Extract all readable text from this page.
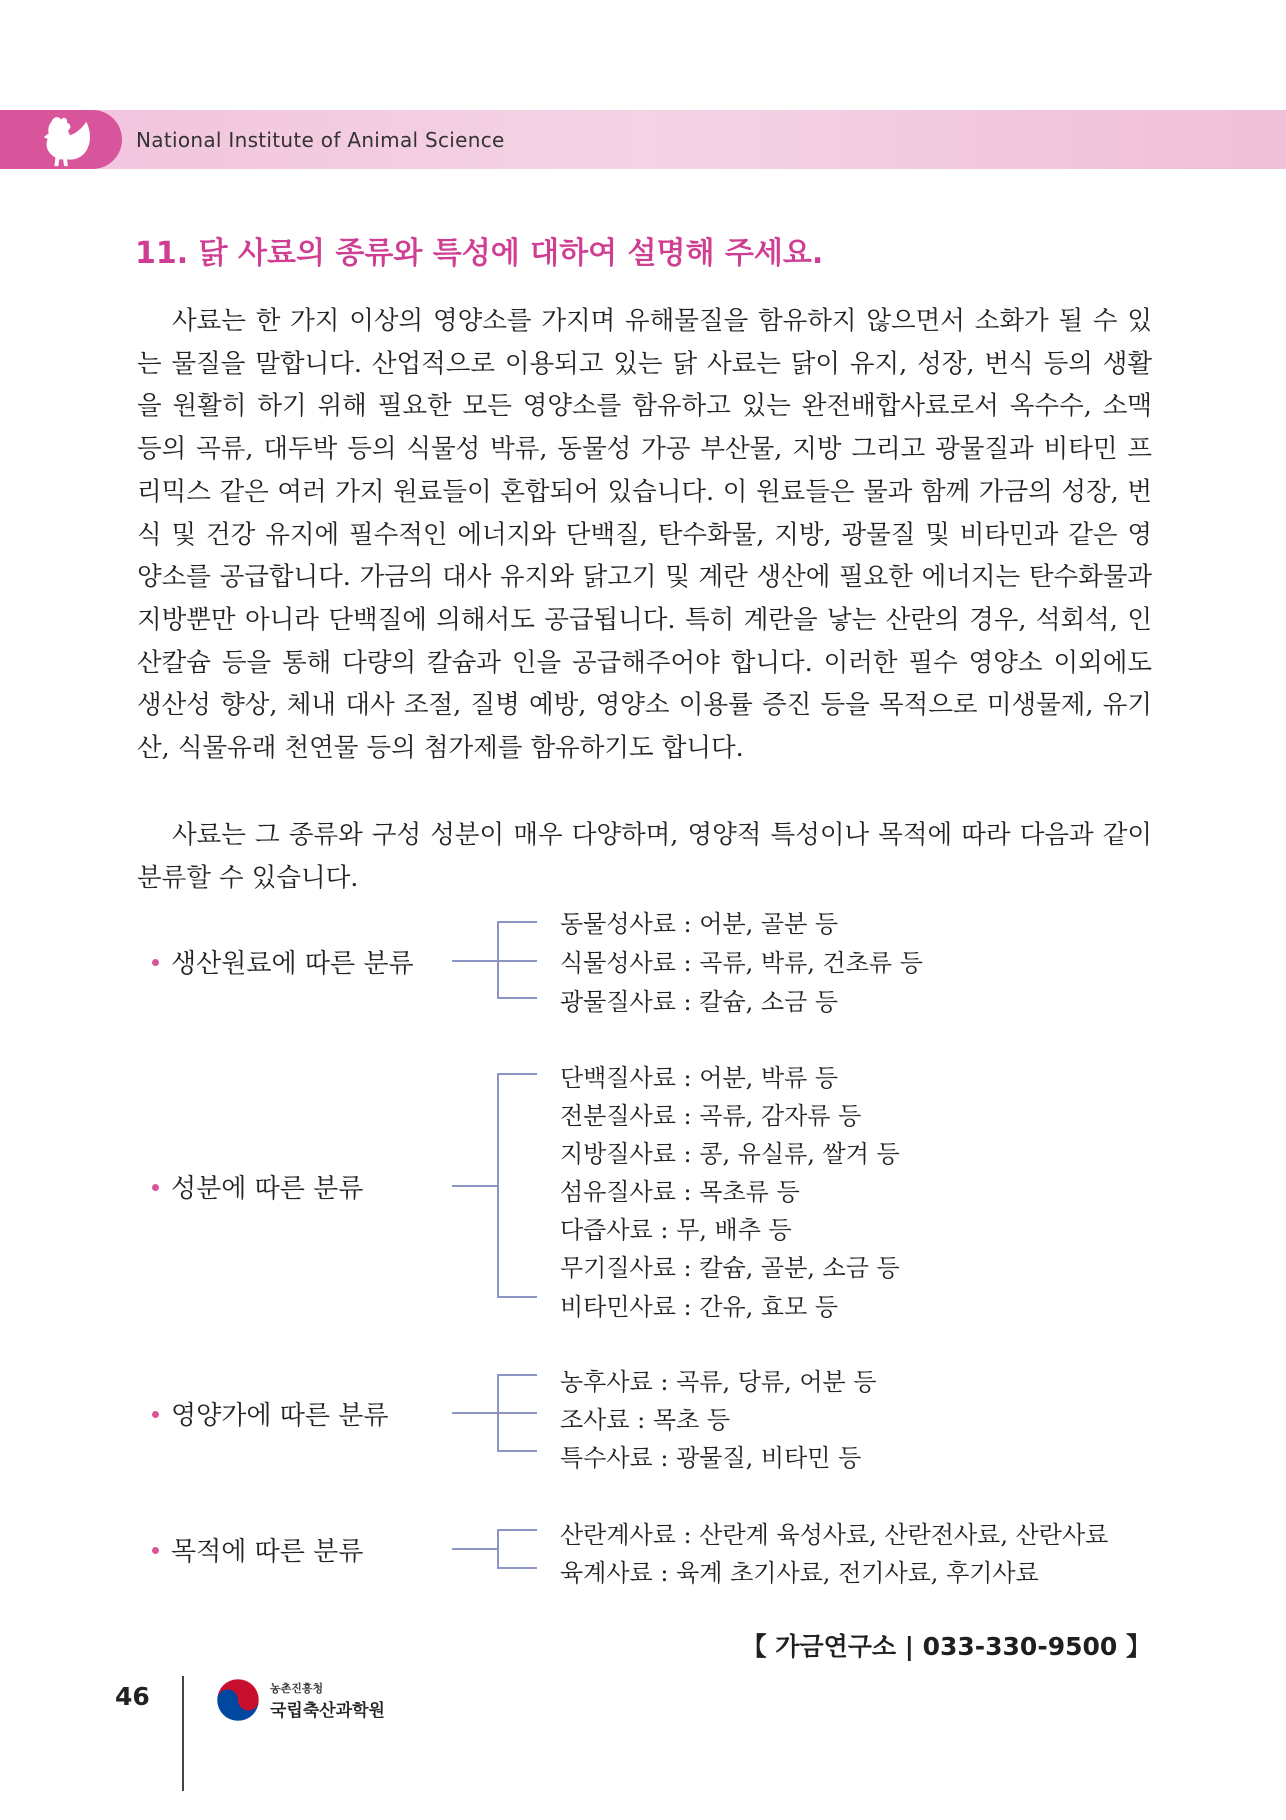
National Institute of Animal Science
11. 닭 사료의 종류와 특성에 대하여 설명해 주세요.

사료는 한 가지 이상의 영양소를 가지며 유해물질을 함유하지 않으면서 소화가 될 수 있는 물질을 말합니다. 산업적으로 이용되고 있는 닭 사료는 닭이 유지, 성장, 번식 등의 생활을 원활히 하기 위해 필요한 모든 영양소를 함유하고 있는 완전배합사료로서 옥수수, 소맥 등의 곡류, 대두박 등의 식물성 박류, 동물성 가공 부산물, 지방 그리고 광물질과 비타민 프리믹스 같은 여러 가지 원료들이 혼합되어 있습니다. 이 원료들은 물과 함께 가금의 성장, 번식 및 건강 유지에 필수적인 에너지와 단백질, 탄수화물, 지방, 광물질 및 비타민과 같은 영양소를 공급합니다. 가금의 대사 유지와 닭고기 및 계란 생산에 필요한 에너지는 탄수화물과 지방뿐만 아니라 단백질에 의해서도 공급됩니다. 특히 계란을 낳는 산란의 경우, 석회석, 인산칼슘 등을 통해 다량의 칼슘과 인을 공급해주어야 합니다. 이러한 필수 영양소 이외에도 생산성 향상, 체내 대사 조절, 질병 예방, 영양소 이용률 증진 등을 목적으로 미생물제, 유기산, 식물유래 천연물 등의 첨가제를 함유하기도 합니다.

사료는 그 종류와 구성 성분이 매우 다양하며, 영양적 특성이나 목적에 따라 다음과 같이 분류할 수 있습니다.

생산원료에 따른 분류
동물성사료 : 어분, 골분 등
식물성사료 : 곡류, 박류, 건초류 등
광물질사료 : 칼슘, 소금 등
성분에 따른 분류
단백질사료 : 어분, 박류 등
전분질사료 : 곡류, 감자류 등
지방질사료 : 콩, 유실류, 쌀겨 등
섬유질사료 : 목초류 등
다즙사료 : 무, 배추 등
무기질사료 : 칼슘, 골분, 소금 등
비타민사료 : 간유, 효모 등
영양가에 따른 분류
농후사료 : 곡류, 당류, 어분 등
조사료 : 목초 등
특수사료 : 광물질, 비타민 등
목적에 따른 분류
산란계사료 : 산란계 육성사료, 산란전사료, 산란사료
육계사료 : 육계 초기사료, 전기사료, 후기사료
【 가금연구소 | 033-330-9500 】
46	농촌진흥청
국립축산과학원
